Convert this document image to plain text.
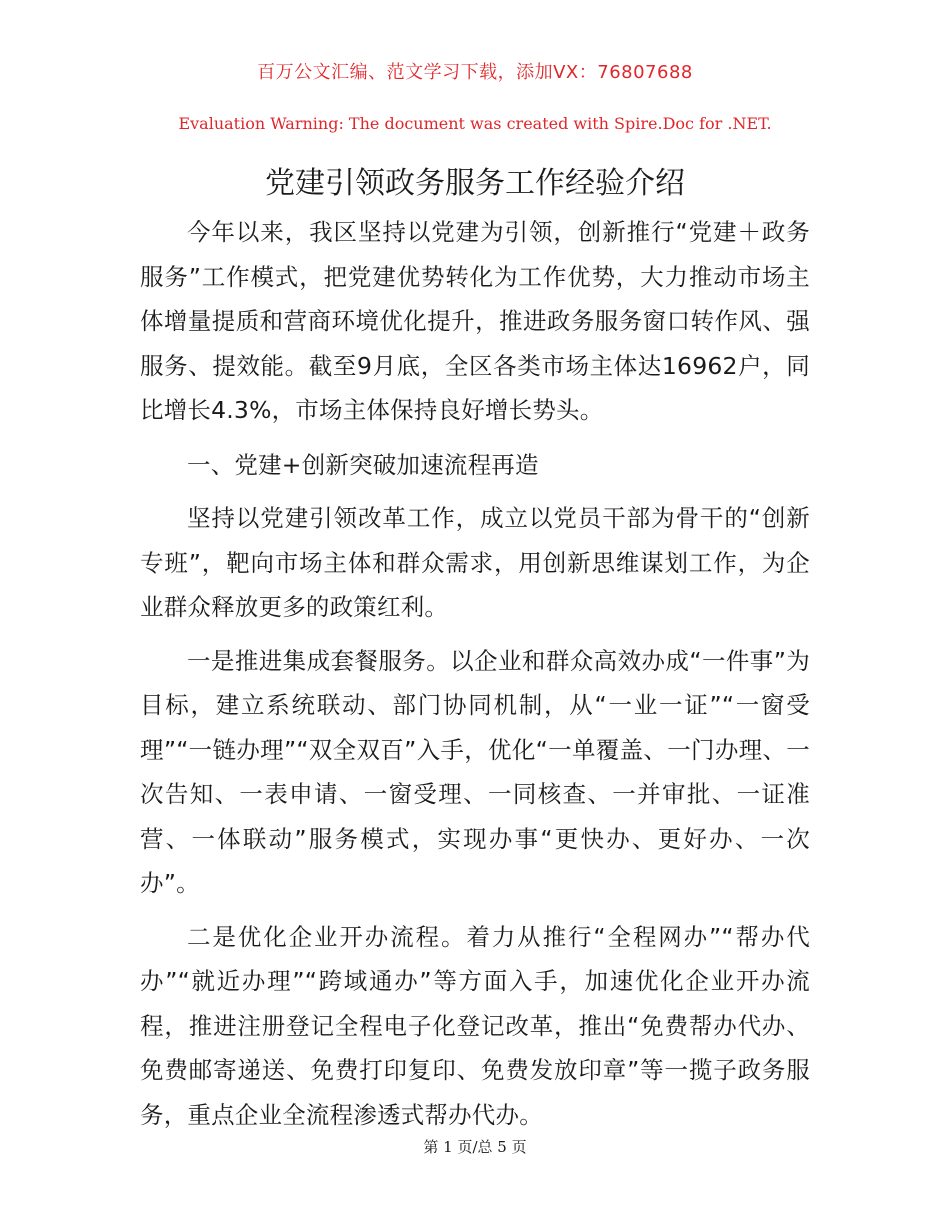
百万公文汇编、范文学习下载，添加VX：76807688
Evaluation Warning: The document was created with Spire.Doc for .NET.
党建引领政务服务工作经验介绍

今年以来，我区坚持以党建为引领，创新推行“党建＋政务服务”工作模式，把党建优势转化为工作优势，大力推动市场主体增量提质和营商环境优化提升，推进政务服务窗口转作风、强服务、提效能。截至9月底，全区各类市场主体达16962户，同比增长4.3%，市场主体保持良好增长势头。

一、党建+创新突破加速流程再造

坚持以党建引领改革工作，成立以党员干部为骨干的“创新专班”，靶向市场主体和群众需求，用创新思维谋划工作，为企业群众释放更多的政策红利。

一是推进集成套餐服务。以企业和群众高效办成“一件事”为目标，建立系统联动、部门协同机制，从“一业一证”“一窗受理”“一链办理”“双全双百”入手，优化“一单覆盖、一门办理、一次告知、一表申请、一窗受理、一同核查、一并审批、一证准营、一体联动”服务模式，实现办事“更快办、更好办、一次办”。

二是优化企业开办流程。着力从推行“全程网办”“帮办代办”“就近办理”“跨域通办”等方面入手，加速优化企业开办流程，推进注册登记全程电子化登记改革，推出“免费帮办代办、免费邮寄递送、免费打印复印、免费发放印章”等一揽子政务服务，重点企业全流程渗透式帮办代办。

第 1 页/总 5 页
